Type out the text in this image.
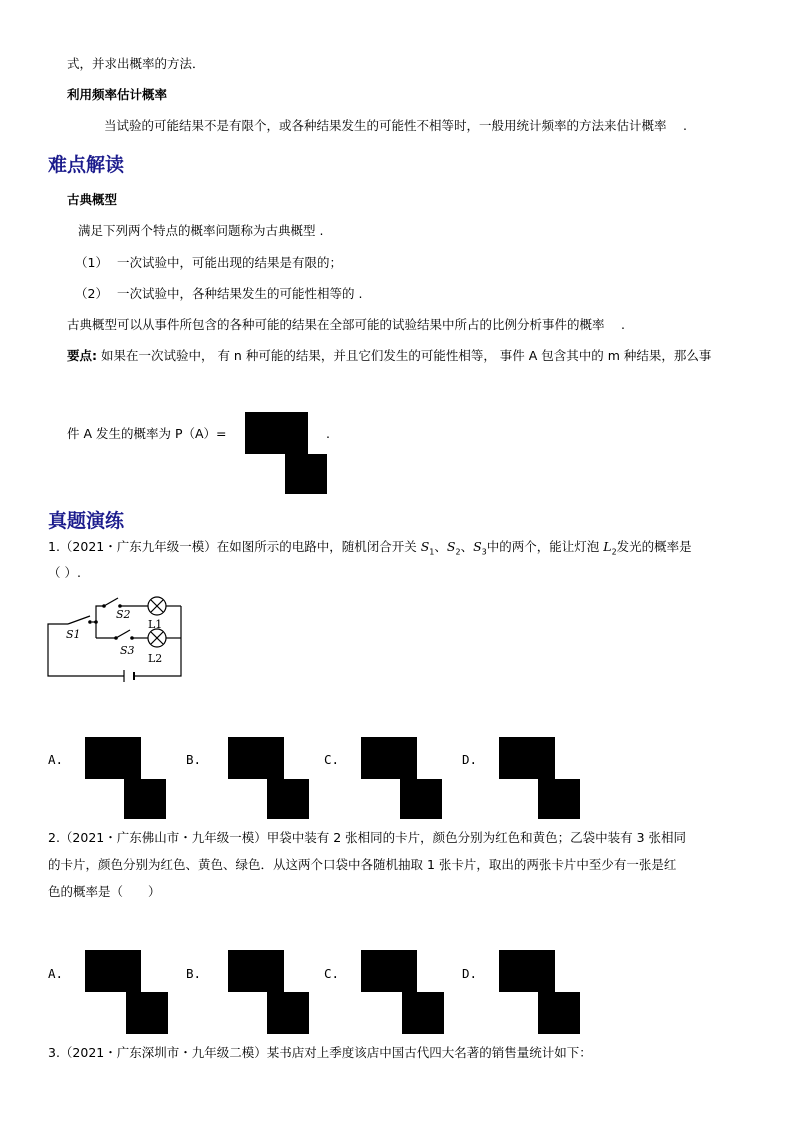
式，并求出概率的方法．
利用频率估计概率
当试验的可能结果不是有限个，或各种结果发生的可能性不相等时，一般用统计频率的方法来估计概率 　.
难点解读
古典概型
满足下列两个特点的概率问题称为古典概型 .
（1） 一次试验中，可能出现的结果是有限的；
（2） 一次试验中，各种结果发生的可能性相等的 .
古典概型可以从事件所包含的各种可能的结果在全部可能的试验结果中所占的比例分析事件的概率　 .
要点: 如果在一次试验中， 有 n 种可能的结果，并且它们发生的可能性相等， 事件 A 包含其中的 m 种结果，那么事
件 A 发生的概率为 P（A）=	.
真题演练
1.（2021・广东九年级一模）在如图所示的电路中，随机闭合开关 $S_1$、$S_2$、$S_3$中的两个，能让灯泡 $L_2$发光的概率是
（ ）.
S1
S2
S3
L1
L2
A.	B.	C.	D.
2.（2021・广东佛山市・九年级一模）甲袋中装有 2 张相同的卡片，颜色分别为红色和黄色；乙袋中装有 3 张相同
的卡片，颜色分别为红色、黄色、绿色．从这两个口袋中各随机抽取 1 张卡片，取出的两张卡片中至少有一张是红
色的概率是（　　）
A.	B.	C.	D.
3.（2021・广东深圳市・九年级二模）某书店对上季度该店中国古代四大名著的销售量统计如下：
